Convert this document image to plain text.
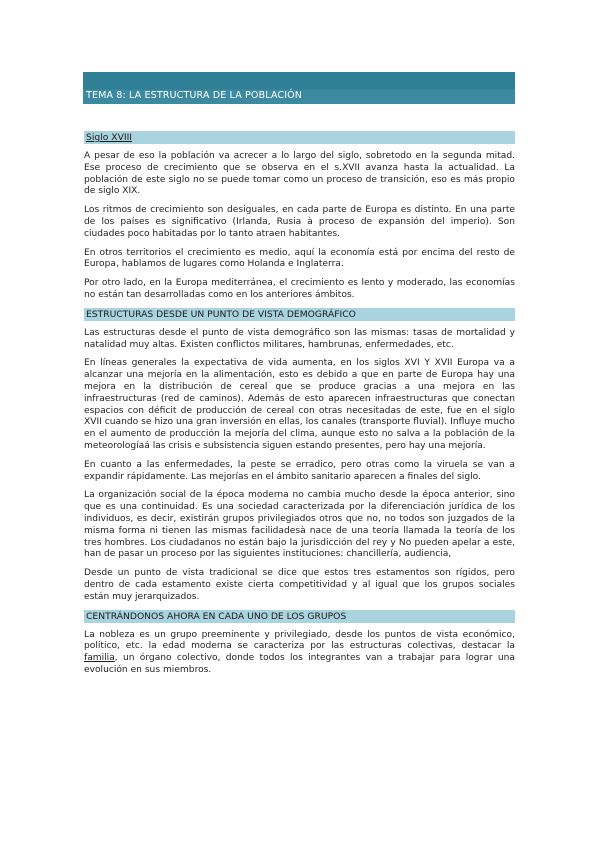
TEMA 8: LA ESTRUCTURA DE LA POBLACIÓN
Siglo XVIII

A pesar de eso la población va acrecer a lo largo del siglo, sobretodo en la segunda mitad. Ese proceso de crecimiento que se observa en el s.XVII avanza hasta la actualidad. La población de este siglo no se puede tomar como un proceso de transición, eso es más propio de siglo XIX.

Los ritmos de crecimiento son desiguales, en cada parte de Europa es distinto. En una parte de los países es significativo (Irlanda, Rusia à proceso de expansión del imperio). Son ciudades poco habitadas por lo tanto atraen habitantes.

En otros territorios el crecimiento es medio, aquí la economía está por encima del resto de Europa, hablamos de lugares como Holanda e Inglaterra.

Por otro lado, en la Europa mediterránea, el crecimiento es lento y moderado, las economías no están tan desarrolladas como en los anteriores ámbitos.

ESTRUCTURAS DESDE UN PUNTO DE VISTA DEMOGRÁFICO

Las estructuras desde el punto de vista demográfico son las mismas: tasas de mortalidad y natalidad muy altas. Existen conflictos militares, hambrunas, enfermedades, etc.

En líneas generales la expectativa de vida aumenta, en los siglos XVI Y XVII Europa va a alcanzar una mejoría en la alimentación, esto es debido a que en parte de Europa hay una mejora en la distribución de cereal que se produce gracias a una mejora en las infraestructuras (red de caminos). Además de esto aparecen infraestructuras que conectan espacios con déficit de producción de cereal con otras necesitadas de este, fue en el siglo XVII cuando se hizo una gran inversión en ellas, los canales (transporte fluvial). Influye mucho en el aumento de producción la mejoría del clima, aunque esto no salva a la población de la meteorologíaá las crisis e subsistencia siguen estando presentes, pero hay una mejoría.

En cuanto a las enfermedades, la peste se erradico, pero otras como la viruela se van a expandir rápidamente. Las mejorías en el ámbito sanitario aparecen a finales del siglo.

La organización social de la época moderna no cambia mucho desde la época anterior, sino que es una continuidad. Es una sociedad caracterizada por la diferenciación jurídica de los individuos, es decir, existirán grupos privilegiados otros que no, no todos son juzgados de la misma forma ni tienen las mismas facilidadesà nace de una teoría llamada la teoría de los tres hombres. Los ciudadanos no están bajo la jurisdicción del rey y No pueden apelar a este, han de pasar un proceso por las siguientes instituciones: chancillería, audiencia,

Desde un punto de vista tradicional se dice que estos tres estamentos son rígidos, pero dentro de cada estamento existe cierta competitividad y al igual que los grupos sociales están muy jerarquizados.

CENTRÁNDONOS AHORA EN CADA UNO DE LOS GRUPOS

La nobleza es un grupo preeminente y privilegiado, desde los puntos de vista económico, político, etc. la edad moderna se caracteriza por las estructuras colectivas, destacar la familia, un órgano colectivo, donde todos los integrantes van a trabajar para lograr una evolución en sus miembros.
